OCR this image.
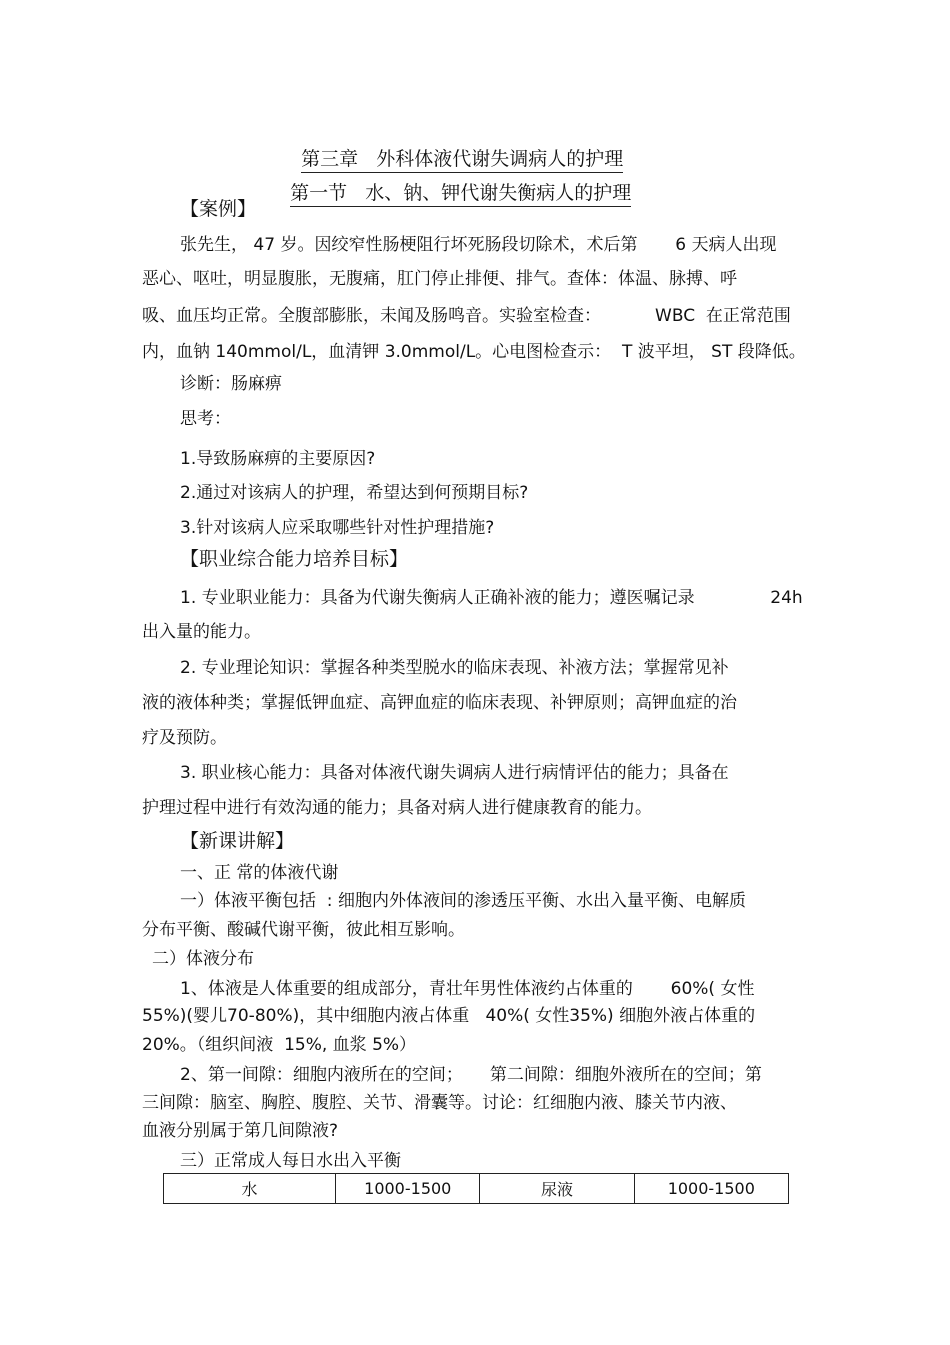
第三章   外科体液代谢失调病人的护理

第一节   水、钠、钾代谢失衡病人的护理

【案例】
张先生， 47 岁。因绞窄性肠梗阻行坏死肠段切除术，术后第       6 天病人出现
恶心、呕吐，明显腹胀，无腹痛，肛门停止排便、排气。查体：体温、脉搏、呼
吸、血压均正常。全腹部膨胀，未闻及肠鸣音。实验室检查：          WBC  在正常范围
内，血钠 140mmol/L，血清钾 3.0mmol/L。心电图检查示：  T 波平坦， ST 段降低。
诊断：肠麻痹
思考：
1.导致肠麻痹的主要原因?
2.通过对该病人的护理，希望达到何预期目标?
3.针对该病人应采取哪些针对性护理措施?
【职业综合能力培养目标】
1. 专业职业能力：具备为代谢失衡病人正确补液的能力；遵医嘱记录              24h
出入量的能力。
2. 专业理论知识：掌握各种类型脱水的临床表现、补液方法；掌握常见补
液的液体种类；掌握低钾血症、高钾血症的临床表现、补钾原则；高钾血症的治
疗及预防。
3. 职业核心能力：具备对体液代谢失调病人进行病情评估的能力；具备在
护理过程中进行有效沟通的能力；具备对病人进行健康教育的能力。
【新课讲解】
一、正 常的体液代谢
一）体液平衡包括  : 细胞内外体液间的渗透压平衡、水出入量平衡、电解质
分布平衡、酸碱代谢平衡，彼此相互影响。
二）体液分布
1、体液是人体重要的组成部分，青壮年男性体液约占体重的       60%( 女性
55%)(婴儿70-80%)，其中细胞内液占体重   40%( 女性35%) 细胞外液占体重的
20%。（组织间液  15%, 血浆 5%）
2、第一间隙：细胞内液所在的空间；     第二间隙：细胞外液所在的空间；第
三间隙：脑室、胸腔、腹腔、关节、滑囊等。讨论：红细胞内液、膝关节内液、
血液分别属于第几间隙液?
三）正常成人每日水出入平衡
水	1000-1500	尿液	1000-1500
